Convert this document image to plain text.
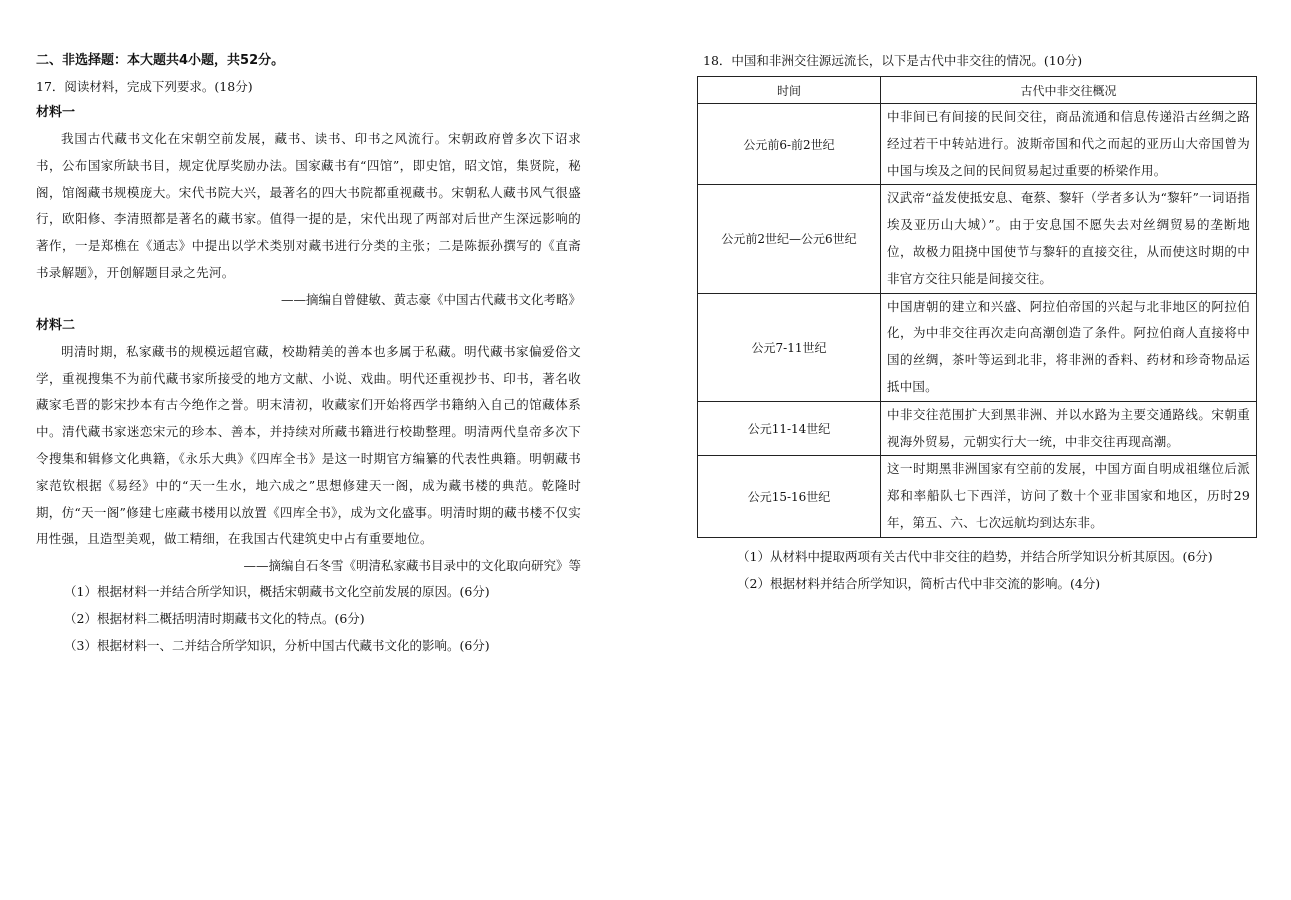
二、非选择题：本大题共4小题，共52分。
17．阅读材料，完成下列要求。(18分)
材料一

我国古代藏书文化在宋朝空前发展，藏书、读书、印书之风流行。宋朝政府曾多次下诏求书，公布国家所缺书目，规定优厚奖励办法。国家藏书有“四馆”，即史馆，昭文馆，集贤院，秘阁，馆阁藏书规模庞大。宋代书院大兴，最著名的四大书院都重视藏书。宋朝私人藏书风气很盛行，欧阳修、李清照都是著名的藏书家。值得一提的是，宋代出现了两部对后世产生深远影响的著作，一是郑樵在《通志》中提出以学术类别对藏书进行分类的主张；二是陈振孙撰写的《直斋书录解题》，开创解题目录之先河。

——摘编自曾健敏、黄志豪《中国古代藏书文化考略》
材料二

明清时期，私家藏书的规模远超官藏，校勘精美的善本也多属于私藏。明代藏书家偏爱俗文学，重视搜集不为前代藏书家所接受的地方文献、小说、戏曲。明代还重视抄书、印书，著名收藏家毛晋的影宋抄本有古今绝作之誉。明末清初，收藏家们开始将西学书籍纳入自己的馆藏体系中。清代藏书家迷恋宋元的珍本、善本，并持续对所藏书籍进行校勘整理。明清两代皇帝多次下令搜集和辑修文化典籍，《永乐大典》《四库全书》是这一时期官方编纂的代表性典籍。明朝藏书家范钦根据《易经》中的“天一生水，地六成之”思想修建天一阁，成为藏书楼的典范。乾隆时期，仿“天一阁”修建七座藏书楼用以放置《四库全书》，成为文化盛事。明清时期的藏书楼不仅实用性强，且造型美观，做工精细，在我国古代建筑史中占有重要地位。

——摘编自石冬雪《明清私家藏书目录中的文化取向研究》等
（1）根据材料一并结合所学知识，概括宋朝藏书文化空前发展的原因。(6分)
（2）根据材料二概括明清时期藏书文化的特点。(6分)
（3）根据材料一、二并结合所学知识，分析中国古代藏书文化的影响。(6分)
18．中国和非洲交往源远流长，以下是古代中非交往的情况。(10分)
时间	古代中非交往概况
公元前6-前2世纪	中非间已有间接的民间交往，商品流通和信息传递沿古丝绸之路经过若干中转站进行。波斯帝国和代之而起的亚历山大帝国曾为中国与埃及之间的民间贸易起过重要的桥梁作用。
公元前2世纪—公元6世纪	汉武帝“益发使抵安息、奄蔡、黎轩（学者多认为“黎轩”一词语指埃及亚历山大城）”。由于安息国不愿失去对丝绸贸易的垄断地位，故极力阻挠中国使节与黎轩的直接交往，从而使这时期的中非官方交往只能是间接交往。
公元7-11世纪	中国唐朝的建立和兴盛、阿拉伯帝国的兴起与北非地区的阿拉伯化，为中非交往再次走向高潮创造了条件。阿拉伯商人直接将中国的丝绸，茶叶等运到北非，将非洲的香料、药材和珍奇物品运抵中国。
公元11-14世纪	中非交往范围扩大到黑非洲、并以水路为主要交通路线。宋朝重视海外贸易，元朝实行大一统，中非交往再现高潮。
公元15-16世纪	这一时期黑非洲国家有空前的发展，中国方面自明成祖继位后派郑和率船队七下西洋，访问了数十个亚非国家和地区，历时29年，第五、六、七次远航均到达东非。
（1）从材料中提取两项有关古代中非交往的趋势，并结合所学知识分析其原因。(6分)
（2）根据材料并结合所学知识，简析古代中非交流的影响。(4分)
